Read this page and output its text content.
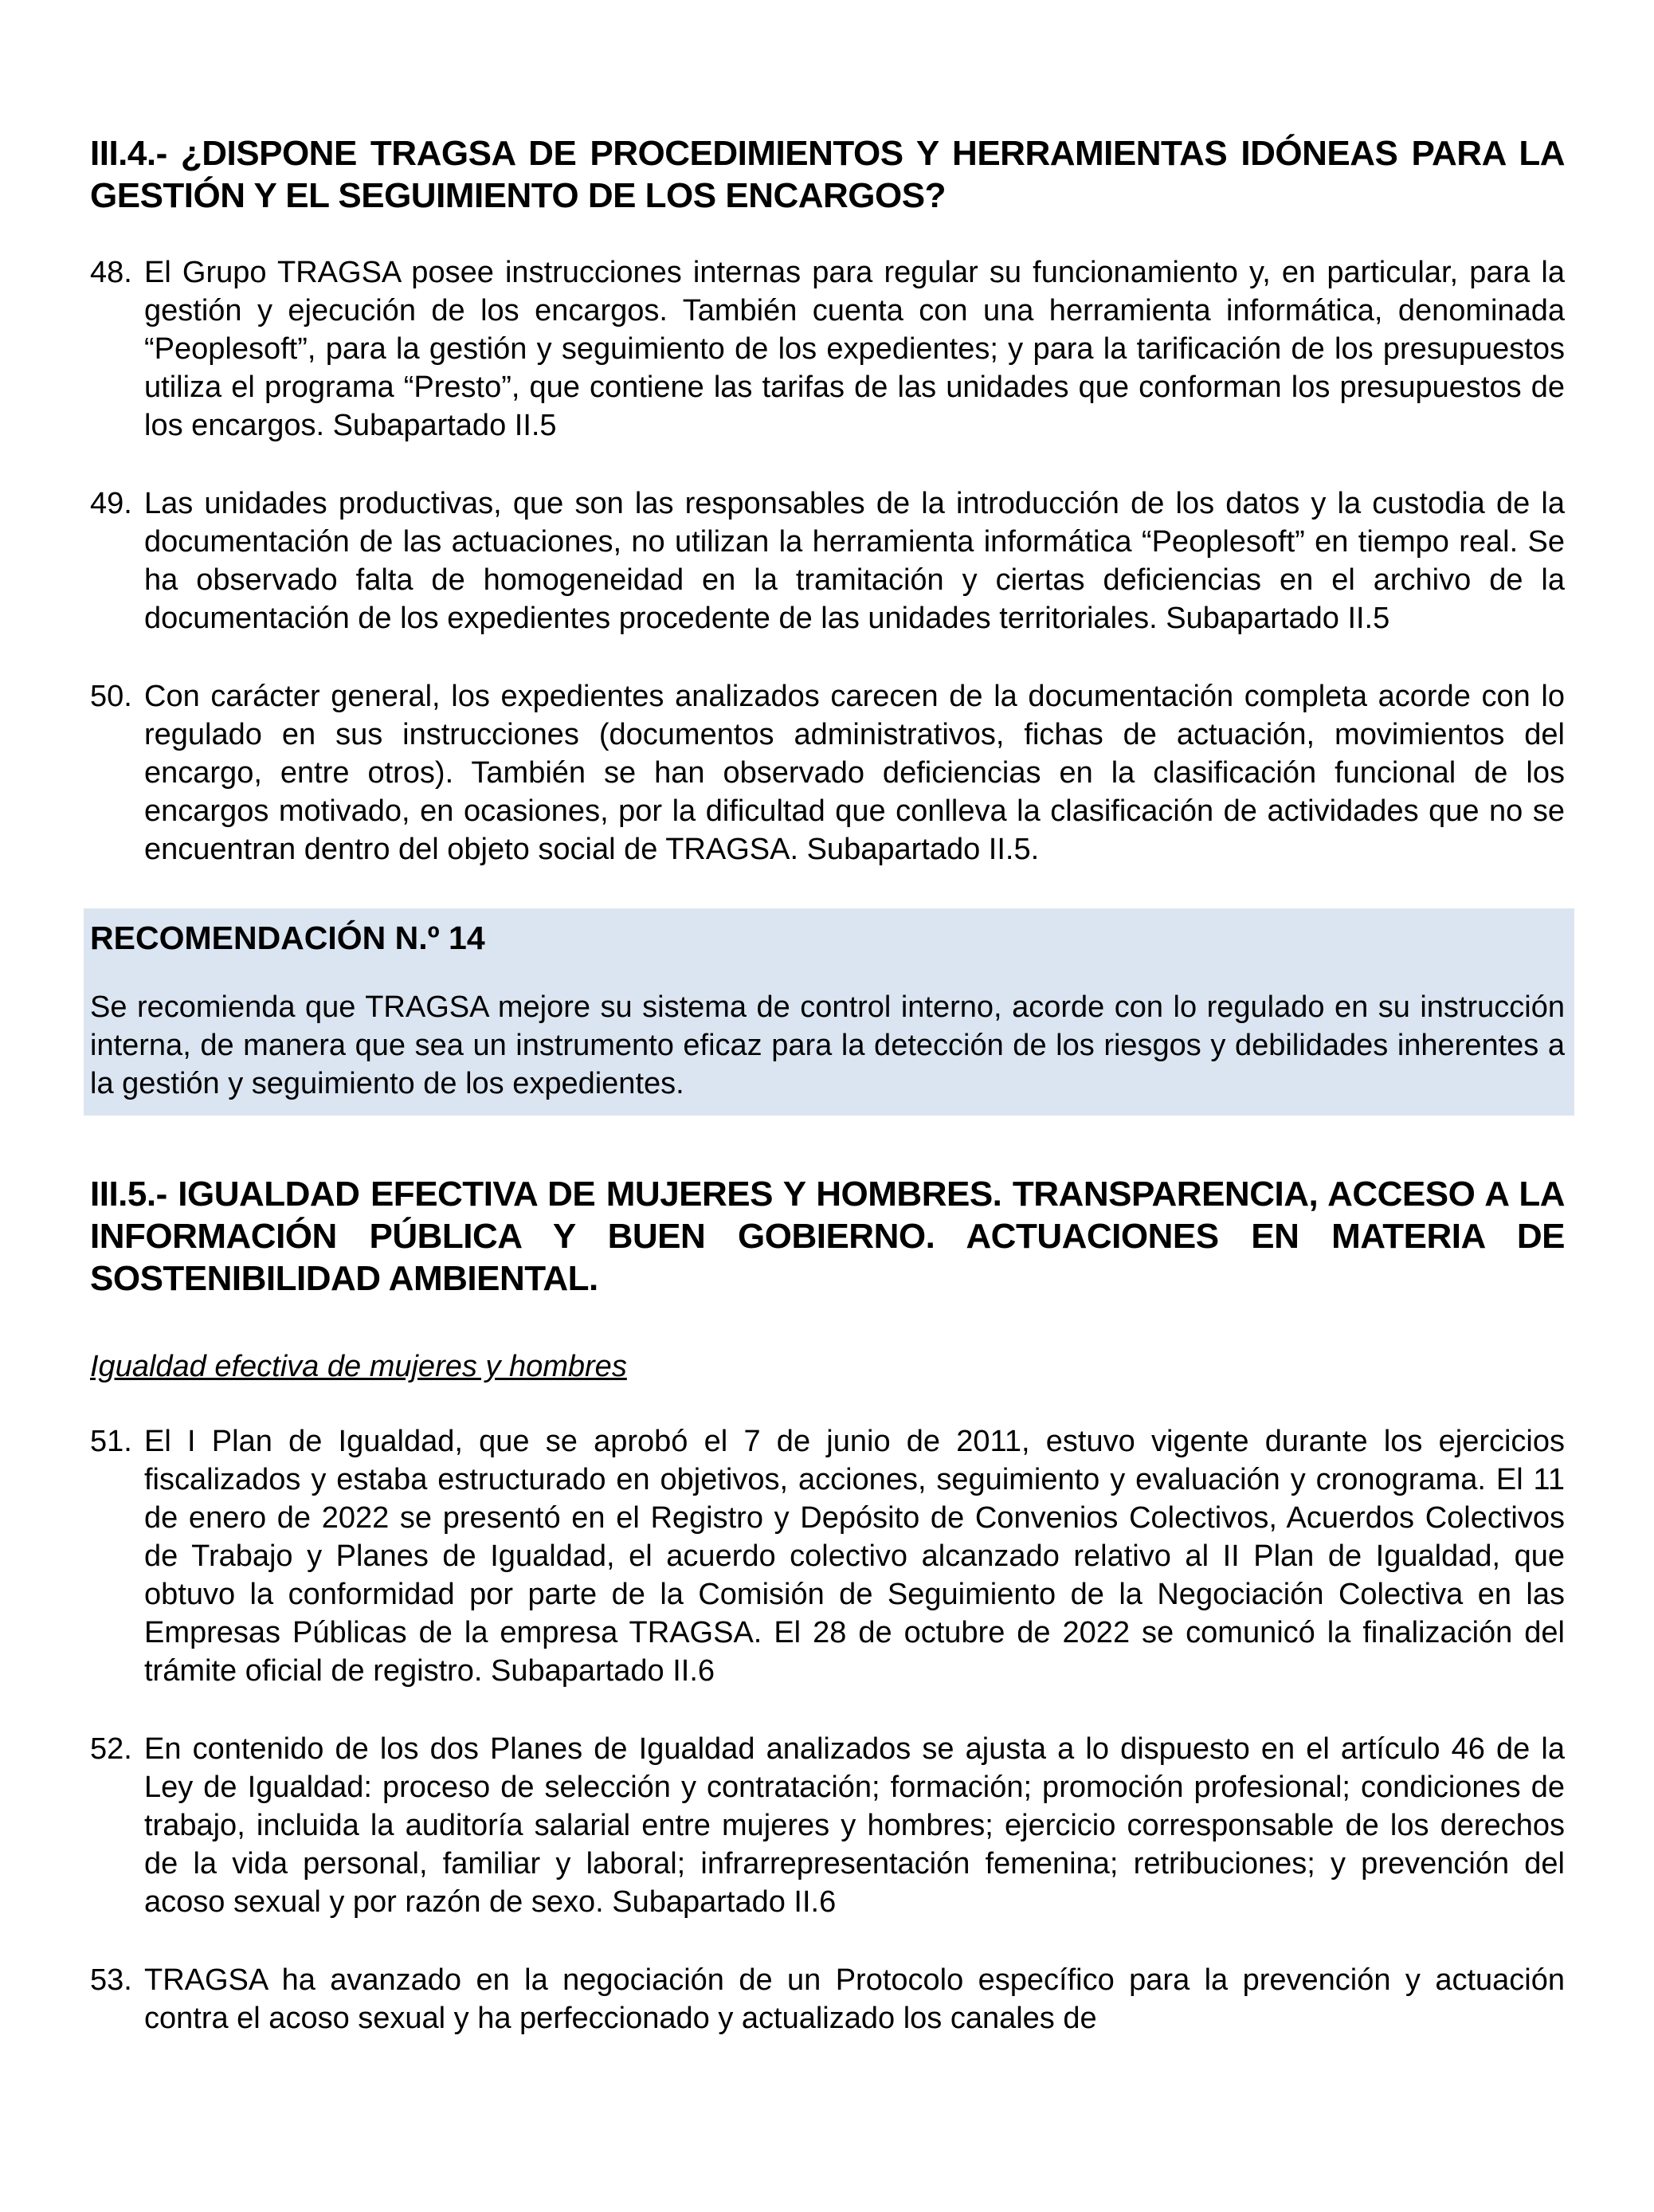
III.4.- ¿DISPONE TRAGSA DE PROCEDIMIENTOS Y HERRAMIENTAS IDÓNEAS PARA LA GESTIÓN Y EL SEGUIMIENTO DE LOS ENCARGOS?
48. El Grupo TRAGSA posee instrucciones internas para regular su funcionamiento y, en particular, para la gestión y ejecución de los encargos. También cuenta con una herramienta informática, denominada “Peoplesoft”, para la gestión y seguimiento de los expedientes; y para la tarificación de los presupuestos utiliza el programa “Presto”, que contiene las tarifas de las unidades que conforman los presupuestos de los encargos. Subapartado II.5
49. Las unidades productivas, que son las responsables de la introducción de los datos y la custodia de la documentación de las actuaciones, no utilizan la herramienta informática “Peoplesoft” en tiempo real. Se ha observado falta de homogeneidad en la tramitación y ciertas deficiencias en el archivo de la documentación de los expedientes procedente de las unidades territoriales. Subapartado II.5
50. Con carácter general, los expedientes analizados carecen de la documentación completa acorde con lo regulado en sus instrucciones (documentos administrativos, fichas de actuación, movimientos del encargo, entre otros). También se han observado deficiencias en la clasificación funcional de los encargos motivado, en ocasiones, por la dificultad que conlleva la clasificación de actividades que no se encuentran dentro del objeto social de TRAGSA. Subapartado II.5.
RECOMENDACIÓN N.º 14
Se recomienda que TRAGSA mejore su sistema de control interno, acorde con lo regulado en su instrucción interna, de manera que sea un instrumento eficaz para la detección de los riesgos y debilidades inherentes a la gestión y seguimiento de los expedientes.
III.5.- IGUALDAD EFECTIVA DE MUJERES Y HOMBRES. TRANSPARENCIA, ACCESO A LA INFORMACIÓN PÚBLICA Y BUEN GOBIERNO. ACTUACIONES EN MATERIA DE SOSTENIBILIDAD AMBIENTAL.
Igualdad efectiva de mujeres y hombres
51. El I Plan de Igualdad, que se aprobó el 7 de junio de 2011, estuvo vigente durante los ejercicios fiscalizados y estaba estructurado en objetivos, acciones, seguimiento y evaluación y cronograma. El 11 de enero de 2022 se presentó en el Registro y Depósito de Convenios Colectivos, Acuerdos Colectivos de Trabajo y Planes de Igualdad, el acuerdo colectivo alcanzado relativo al II Plan de Igualdad, que obtuvo la conformidad por parte de la Comisión de Seguimiento de la Negociación Colectiva en las Empresas Públicas de la empresa TRAGSA. El 28 de octubre de 2022 se comunicó la finalización del trámite oficial de registro. Subapartado II.6
52. En contenido de los dos Planes de Igualdad analizados se ajusta a lo dispuesto en el artículo 46 de la Ley de Igualdad: proceso de selección y contratación; formación; promoción profesional; condiciones de trabajo, incluida la auditoría salarial entre mujeres y hombres; ejercicio corresponsable de los derechos de la vida personal, familiar y laboral; infrarrepresentación femenina; retribuciones; y prevención del acoso sexual y por razón de sexo. Subapartado II.6
53. TRAGSA ha avanzado en la negociación de un Protocolo específico para la prevención y actuación contra el acoso sexual y ha perfeccionado y actualizado los canales de
